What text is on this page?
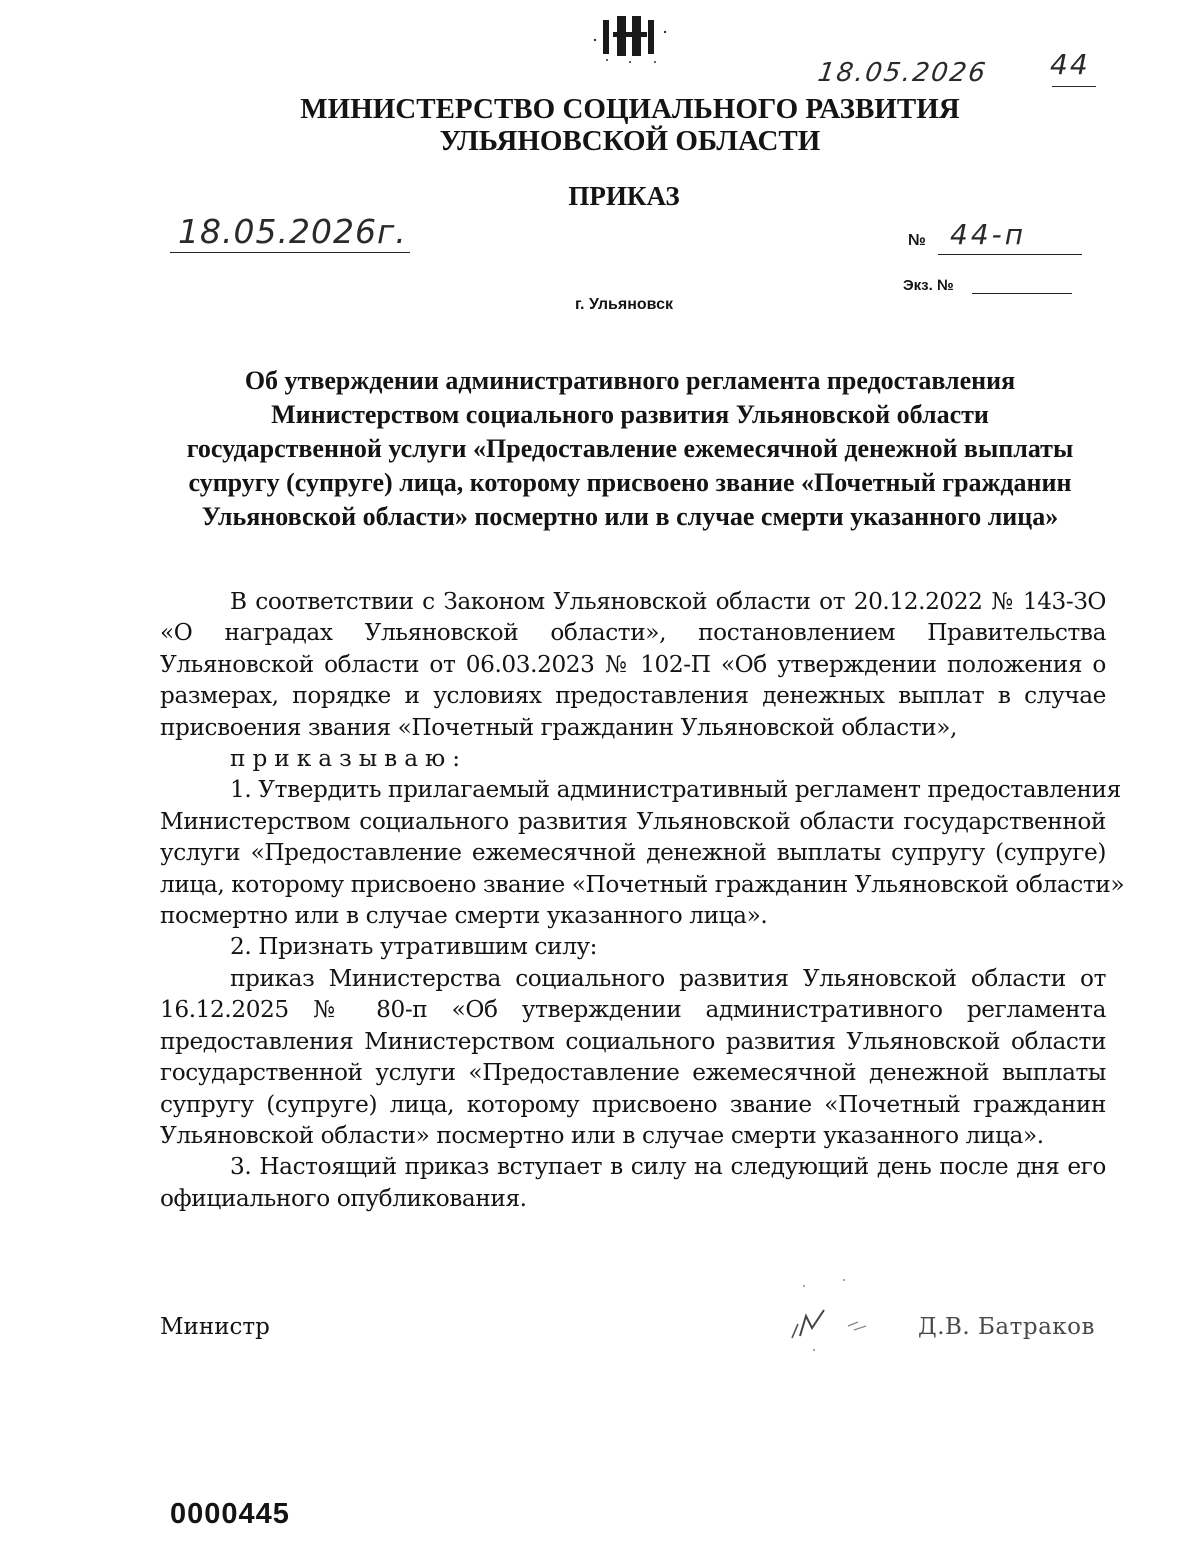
18.05.2026 44
МИНИСТЕРСТВО СОЦИАЛЬНОГО РАЗВИТИЯ
УЛЬЯНОВСКОЙ ОБЛАСТИ
ПРИКАЗ
18.05.2026г.	№ 44-п
Экз. №
г. Ульяновск
Об утверждении административного регламента предоставления
Министерством социального развития Ульяновской области
государственной услуги «Предоставление ежемесячной денежной выплаты
супругу (супруге) лица, которому присвоено звание «Почетный гражданин
Ульяновской области» посмертно или в случае смерти указанного лица»
В соответствии с Законом Ульяновской области от 20.12.2022 № 143-ЗО
«О наградах Ульяновской области», постановлением Правительства
Ульяновской области от 06.03.2023 № 102-П «Об утверждении положения о
размерах, порядке и условиях предоставления денежных выплат в случае

присвоения звания «Почетный гражданин Ульяновской области»,

приказываю:

1. Утвердить прилагаемый административный регламент предоставления
Министерством социального развития Ульяновской области государственной
услуги «Предоставление ежемесячной денежной выплаты супругу (супруге)
лица, которому присвоено звание «Почетный гражданин Ульяновской области»

посмертно или в случае смерти указанного лица».

2. Признать утратившим силу:

приказ Министерства социального развития Ульяновской области от
16.12.2025 № 80-п «Об утверждении административного регламента
предоставления Министерством социального развития Ульяновской области
государственной услуги «Предоставление ежемесячной денежной выплаты
супругу (супруге) лица, которому присвоено звание «Почетный гражданин

Ульяновской области» посмертно или в случае смерти указанного лица».

3. Настоящий приказ вступает в силу на следующий день после дня его

официального опубликования.

Министр	Д.В. Батраков
0000445
